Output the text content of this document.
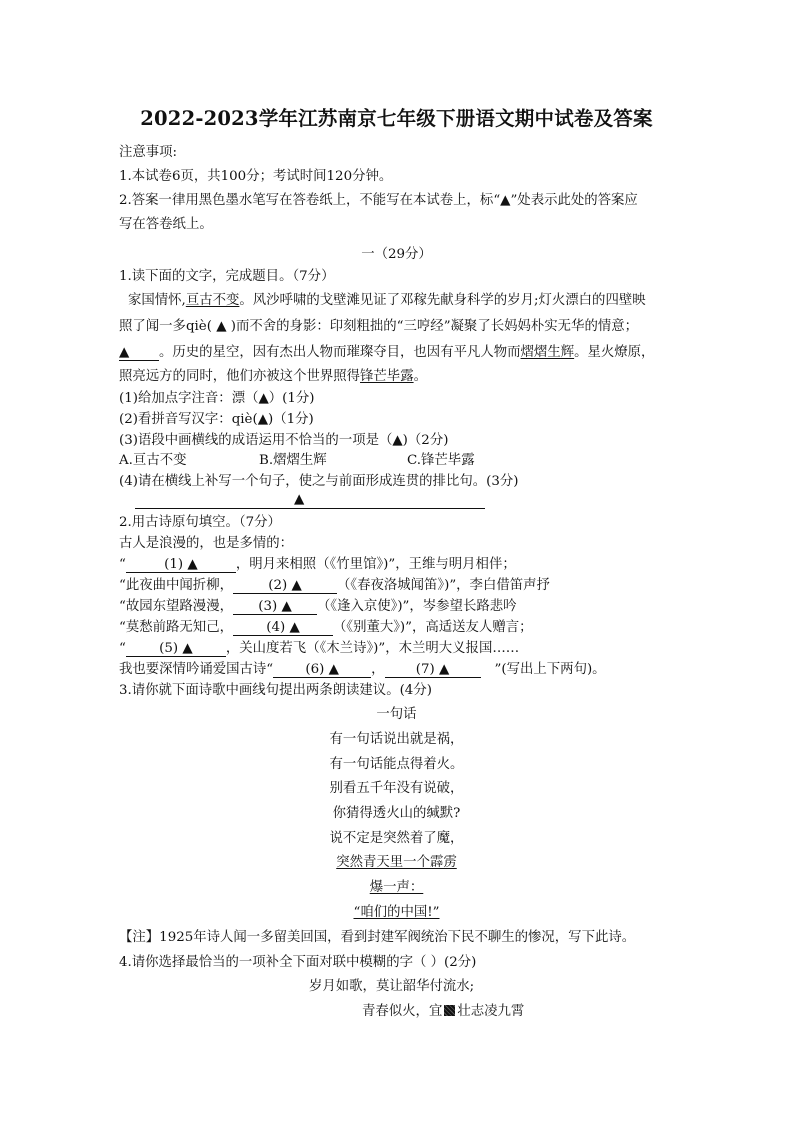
2022-2023学年江苏南京七年级下册语文期中试卷及答案
注意事项:
1.本试卷6页，共100分；考试时间120分钟。
2.答案一律用黑色墨水笔写在答卷纸上，不能写在本试卷上，标“▲”处表示此处的答案应
写在答卷纸上。
一（29分）
1.读下面的文字，完成题目。（7分）
家国情怀,亘古不变。风沙呼啸的戈壁滩见证了邓稼先献身科学的岁月;灯火漂白的四壁映
照了闻一多qiè( ▲ )而不舍的身影：印刻粗拙的“三哼经”凝聚了长妈妈朴实无华的情意；
▲ 。历史的星空，因有杰出人物而璀璨夺目，也因有平凡人物而熠熠生辉。星火燎原，
照亮远方的同时，他们亦被这个世界照得锋芒毕露。
(1)给加点字注音：漂（▲）(1分)
(2)看拼音写汉字：qiè(▲)（1分)
(3)语段中画横线的成语运用不恰当的一项是（▲)（2分)
A.亘古不变	B.熠熠生辉	C.锋芒毕露
(4)请在横线上补写一个句子，使之与前面形成连贯的排比句。(3分)
▲
2.用古诗原句填空。（7分）
古人是浪漫的，也是多情的：
“	(1) ▲	，明月来相照（《竹里馆》)”，王维与明月相伴；
“此夜曲中闻折柳，	(2) ▲	（《春夜洛城闻笛》)”，李白借笛声抒
“故园东望路漫漫， (3) ▲ （《逢入京使》)”，岑参望长路悲吟
“莫愁前路无知己， (4) ▲ （《别董大》)”，高适送友人赠言；
“ (5) ▲ ，关山度若飞（《木兰诗》)”，木兰明大义报国……
我也要深情吟诵爱国古诗“ (6) ▲ ， (7) ▲	”(写出上下两句)。
3.请你就下面诗歌中画线句提出两条朗读建议。(4分)
一句话
有一句话说出就是祸，
有一句话能点得着火。
别看五千年没有说破，
你猜得透火山的缄默?
说不定是突然着了魔，
突然青天里一个霹雳
爆一声：
“咱们的中国!”
【注】1925年诗人闻一多留美回国，看到封建军阀统治下民不聊生的惨况，写下此诗。
4.请你选择最恰当的一项补全下面对联中模糊的字（ ）(2分)
岁月如歌，莫让韶华付流水;
青春似火，宜 壮志凌九霄
